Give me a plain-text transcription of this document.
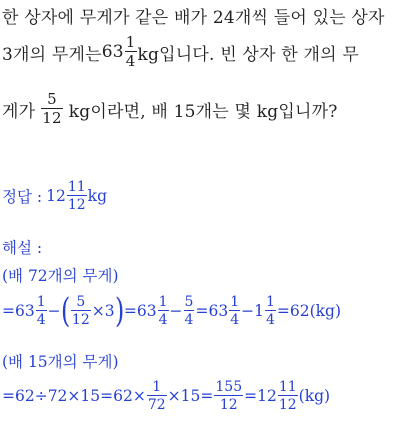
한 상자에 무게가 같은 배가 24개씩 들어 있는 상자
3개의 무게는 $63 \frac{1}{4}$ kg입니다. 빈 상자 한 개의 무
게가 $\frac{5}{12}$ kg이라면, 배 15개는 몇 kg입니까?
정답 : $12 \frac{11}{12}$ kg
해설 :
(배 72개의 무게)
= $63 \frac{1}{4}$ − ( $\frac{5}{12} \times 3$ ) = $63 \frac{1}{4} - \frac{5}{4} = 63 \frac{1}{4} - 1 \frac{1}{4} =62(kg)$
(배 15개의 무게)
$=62\div 72\times 15=62\times \frac{1}{72} \times 15= \frac{155}{12} =12 \frac{11}{12} (kg)$
